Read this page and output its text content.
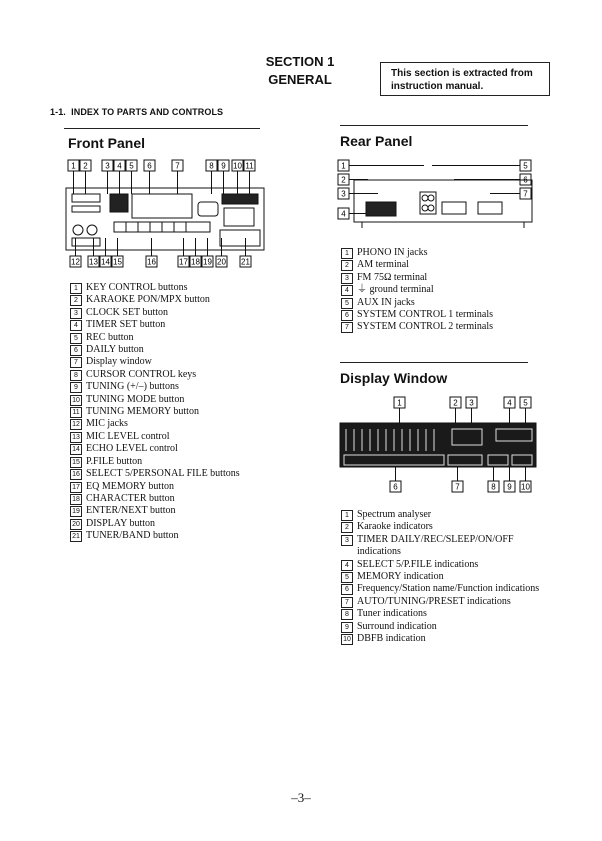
SECTION 1
GENERAL	This section is extracted from
instruction manual.
1-1. INDEX TO PARTS AND CONTROLS
Front Panel
1 2 3 4 5 6	7	8 9 10 11
12 13 14 15	16	17 18 19 20 21
1 KEY CONTROL buttons
2 KARAOKE PON/MPX button
3 CLOCK SET button
4 TIMER SET button
5 REC button
6 DAILY button
7 Display window
8 CURSOR CONTROL keys
9 TUNING (+/–) buttons
10 TUNING MODE button
11 TUNING MEMORY button
12 MIC jacks
13 MIC LEVEL control
14 ECHO LEVEL control
15 P.FILE button
16 SELECT 5/PERSONAL FILE buttons
17 EQ MEMORY button
18 CHARACTER button
19 ENTER/NEXT button
20 DISPLAY button
21 TUNER/BAND button
Rear Panel
1
2
3
4
5
6
7
1 PHONO IN jacks
2 AM terminal
3 FM 75Ω terminal
4 ⏚ ground terminal
5 AUX IN jacks
6 SYSTEM CONTROL 1 terminals
7 SYSTEM CONTROL 2 terminals
Display Window
1	2 3	4 5
6	7	8 9 10
1 Spectrum analyser
2 Karaoke indicators
3 TIMER DAILY/REC/SLEEP/ON/OFF indications
4 SELECT 5/P.FILE indications
5 MEMORY indication
6 Frequency/Station name/Function indications
7 AUTO/TUNING/PRESET indications
8 Tuner indications
9 Surround indication
10 DBFB indication
–3–
